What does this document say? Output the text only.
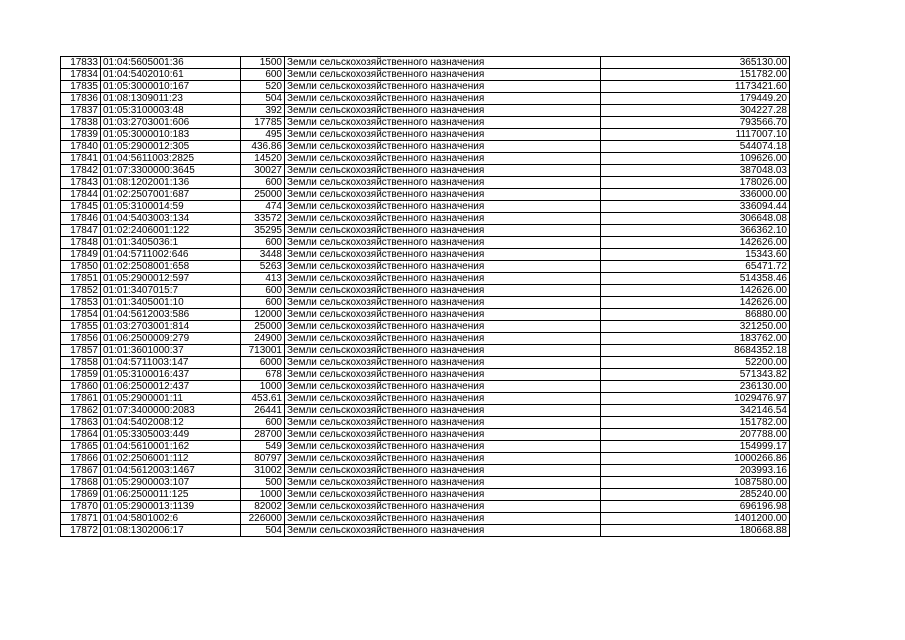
17833	01:04:5605001:36	1500	Земли сельскохозяйственного назначения	365130.00
17834	01:04:5402010:61	600	Земли сельскохозяйственного назначения	151782.00
17835	01:05:3000010:167	520	Земли сельскохозяйственного назначения	1173421.60
17836	01:08:1309011:23	504	Земли сельскохозяйственного назначения	179449.20
17837	01:05:3100003:48	392	Земли сельскохозяйственного назначения	304227.28
17838	01:03:2703001:606	17785	Земли сельскохозяйственного назначения	793566.70
17839	01:05:3000010:183	495	Земли сельскохозяйственного назначения	1117007.10
17840	01:05:2900012:305	436.86	Земли сельскохозяйственного назначения	544074.18
17841	01:04:5611003:2825	14520	Земли сельскохозяйственного назначения	109626.00
17842	01:07:3300000:3645	30027	Земли сельскохозяйственного назначения	387048.03
17843	01:08:1202001:136	600	Земли сельскохозяйственного назначения	178026.00
17844	01:02:2507001:687	25000	Земли сельскохозяйственного назначения	336000.00
17845	01:05:3100014:59	474	Земли сельскохозяйственного назначения	336094.44
17846	01:04:5403003:134	33572	Земли сельскохозяйственного назначения	306648.08
17847	01:02:2406001:122	35295	Земли сельскохозяйственного назначения	366362.10
17848	01:01:3405036:1	600	Земли сельскохозяйственного назначения	142626.00
17849	01:04:5711002:646	3448	Земли сельскохозяйственного назначения	15343.60
17850	01:02:2508001:658	5263	Земли сельскохозяйственного назначения	65471.72
17851	01:05:2900012:597	413	Земли сельскохозяйственного назначения	514358.46
17852	01:01:3407015:7	600	Земли сельскохозяйственного назначения	142626.00
17853	01:01:3405001:10	600	Земли сельскохозяйственного назначения	142626.00
17854	01:04:5612003:586	12000	Земли сельскохозяйственного назначения	86880.00
17855	01:03:2703001:814	25000	Земли сельскохозяйственного назначения	321250.00
17856	01:06:2500009:279	24900	Земли сельскохозяйственного назначения	183762.00
17857	01:01:3601000:37	713001	Земли сельскохозяйственного назначения	8684352.18
17858	01:04:5711003:147	6000	Земли сельскохозяйственного назначения	52200.00
17859	01:05:3100016:437	678	Земли сельскохозяйственного назначения	571343.82
17860	01:06:2500012:437	1000	Земли сельскохозяйственного назначения	236130.00
17861	01:05:2900001:11	453.61	Земли сельскохозяйственного назначения	1029476.97
17862	01:07:3400000:2083	26441	Земли сельскохозяйственного назначения	342146.54
17863	01:04:5402008:12	600	Земли сельскохозяйственного назначения	151782.00
17864	01:05:3305003:449	28700	Земли сельскохозяйственного назначения	207788.00
17865	01:04:5610001:162	549	Земли сельскохозяйственного назначения	154999.17
17866	01:02:2506001:112	80797	Земли сельскохозяйственного назначения	1000266.86
17867	01:04:5612003:1467	31002	Земли сельскохозяйственного назначения	203993.16
17868	01:05:2900003:107	500	Земли сельскохозяйственного назначения	1087580.00
17869	01:06:2500011:125	1000	Земли сельскохозяйственного назначения	285240.00
17870	01:05:2900013:1139	82002	Земли сельскохозяйственного назначения	696196.98
17871	01:04:5801002:6	226000	Земли сельскохозяйственного назначения	1401200.00
17872	01:08:1302006:17	504	Земли сельскохозяйственного назначения	180668.88
